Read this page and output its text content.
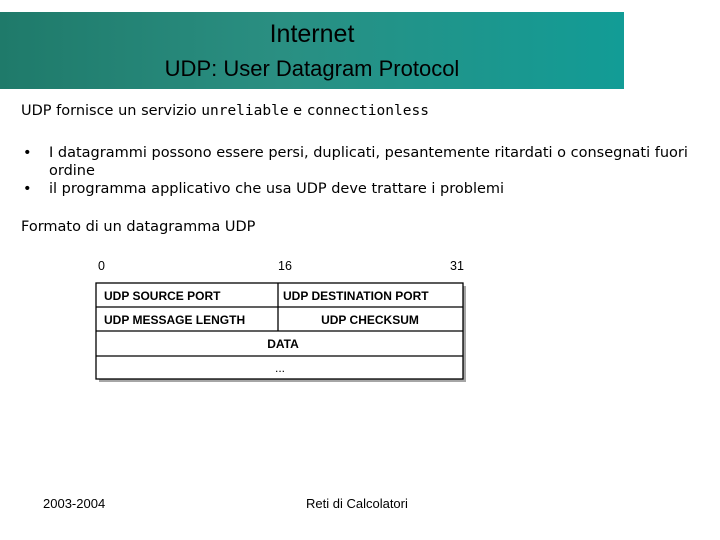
Internet
UDP: User Datagram Protocol

UDP fornisce un servizio unreliable e connectionless

• I datagrammi possono essere persi, duplicati, pesantemente ritardati o consegnati fuori ordine
• il programma applicativo che usa UDP deve trattare i problemi

Formato di un datagramma UDP

0	16	31
UDP SOURCE PORT	UDP DESTINATION PORT
UDP MESSAGE LENGTH	UDP CHECKSUM
DATA
...
2003-2004	Reti di Calcolatori
